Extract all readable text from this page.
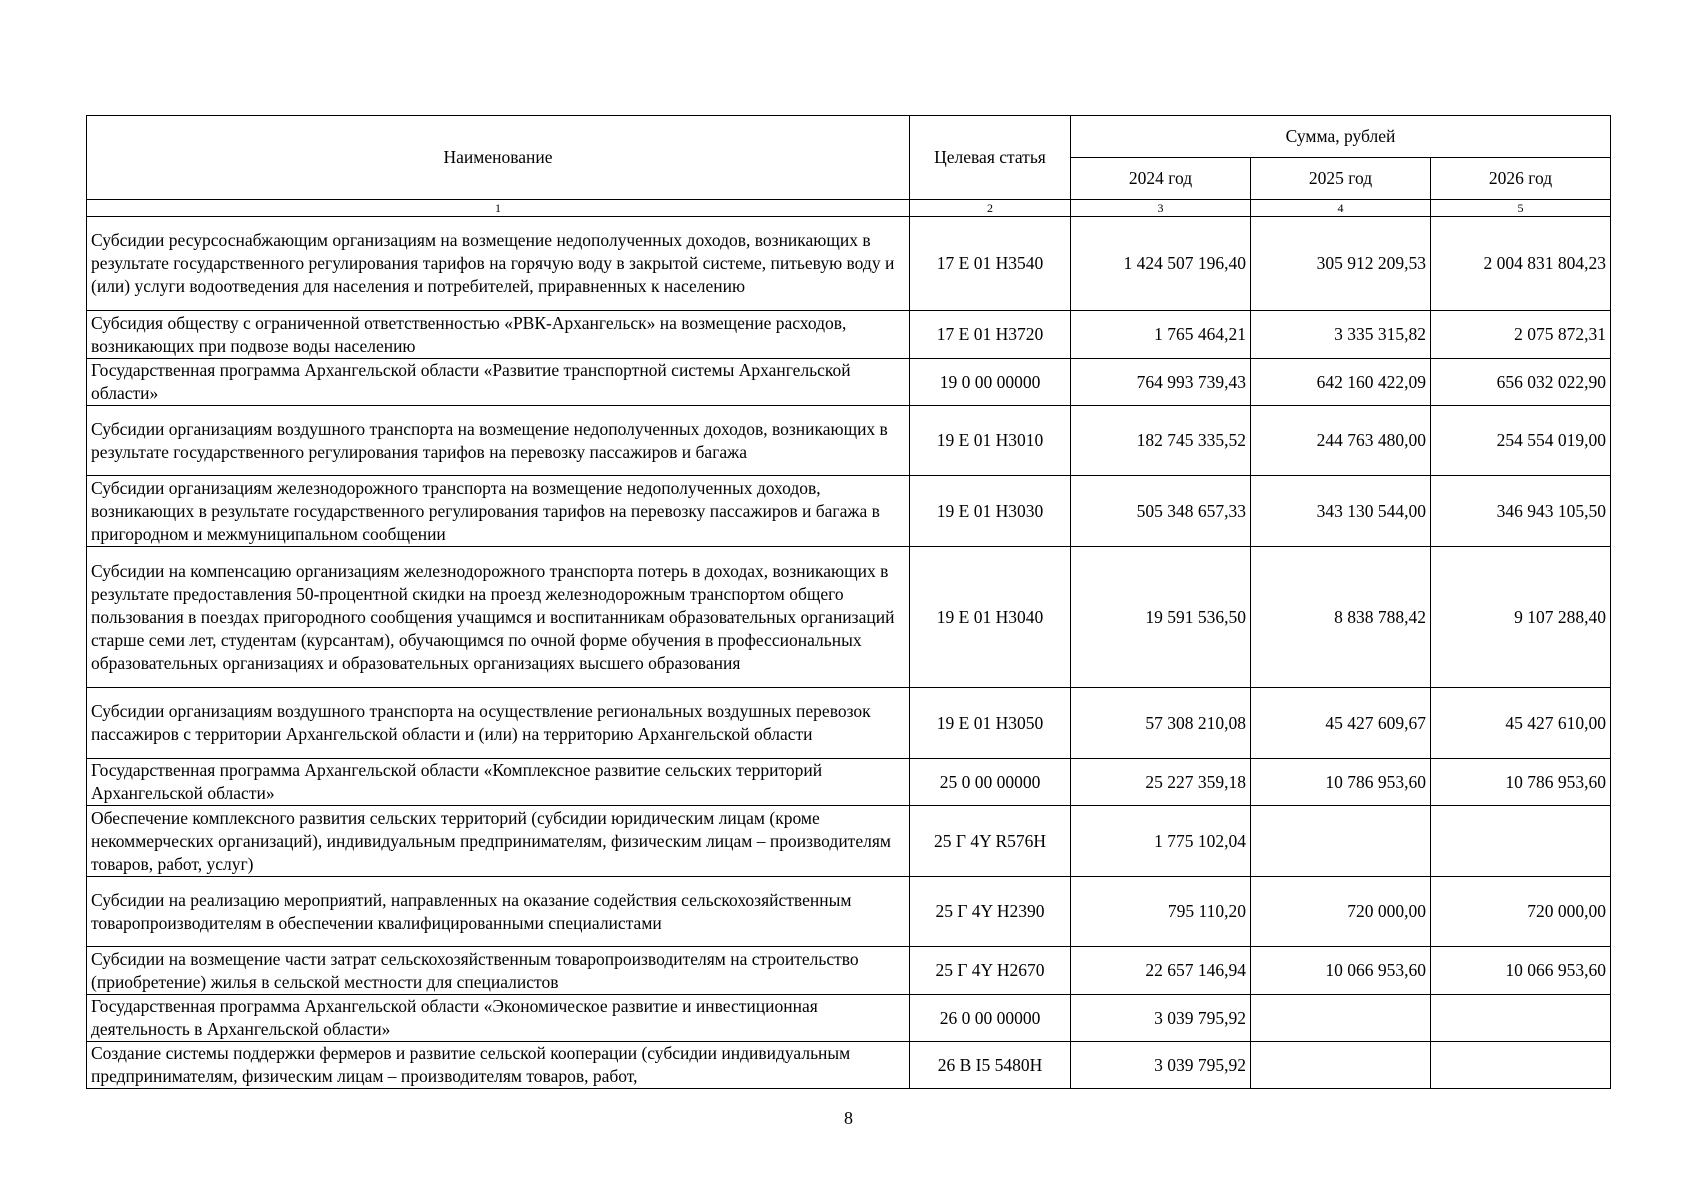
Наименование	Целевая статья	Сумма, рублей		
		2024 год	2025 год	2026 год
1	2	3	4	5
Субсидии ресурсоснабжающим организациям на возмещение недополученных доходов, возникающих в результате государственного регулирования тарифов на горячую воду в закрытой системе, питьевую воду и (или) услуги водоотведения для населения и потребителей, приравненных к населению	17 Е 01 Н3540	1 424 507 196,40	305 912 209,53	2 004 831 804,23
Субсидия обществу с ограниченной ответственностью «РВК-Архангельск» на возмещение расходов, возникающих при подвозе воды населению	17 Е 01 Н3720	1 765 464,21	3 335 315,82	2 075 872,31
Государственная программа Архангельской области «Развитие транспортной системы Архангельской области»	19 0 00 00000	764 993 739,43	642 160 422,09	656 032 022,90
Субсидии организациям воздушного транспорта на возмещение недополученных доходов, возникающих в результате государственного регулирования тарифов на перевозку пассажиров и багажа	19 Е 01 Н3010	182 745 335,52	244 763 480,00	254 554 019,00
Субсидии организациям железнодорожного транспорта на возмещение недополученных доходов, возникающих в результате государственного регулирования тарифов на перевозку пассажиров и багажа в пригородном и межмуниципальном сообщении	19 Е 01 Н3030	505 348 657,33	343 130 544,00	346 943 105,50
Субсидии на компенсацию организациям железнодорожного транспорта потерь в доходах, возникающих в результате предоставления 50-процентной скидки на проезд железнодорожным транспортом общего пользования в поездах пригородного сообщения учащимся и воспитанникам образовательных организаций старше семи лет, студентам (курсантам), обучающимся по очной форме обучения в профессиональных образовательных организациях и образовательных организациях высшего образования	19 Е 01 Н3040	19 591 536,50	8 838 788,42	9 107 288,40
Субсидии организациям воздушного транспорта на осуществление региональных воздушных перевозок пассажиров с территории Архангельской области и (или) на территорию Архангельской области	19 Е 01 Н3050	57 308 210,08	45 427 609,67	45 427 610,00
Государственная программа Архангельской области «Комплексное развитие сельских территорий Архангельской области»	25 0 00 00000	25 227 359,18	10 786 953,60	10 786 953,60
Обеспечение комплексного развития сельских территорий (субсидии юридическим лицам (кроме некоммерческих организаций), индивидуальным предпринимателям, физическим лицам – производителям товаров, работ, услуг)	25 Г 4Y R576Н	1 775 102,04		
Субсидии на реализацию мероприятий, направленных на оказание содействия сельскохозяйственным товаропроизводителям в обеспечении квалифицированными специалистами	25 Г 4Y Н2390	795 110,20	720 000,00	720 000,00
Субсидии на возмещение части затрат сельскохозяйственным товаропроизводителям на строительство (приобретение) жилья в сельской местности для специалистов	25 Г 4Y Н2670	22 657 146,94	10 066 953,60	10 066 953,60
Государственная программа Архангельской области «Экономическое развитие и инвестиционная деятельность в Архангельской области»	26 0 00 00000	3 039 795,92		
Создание системы поддержки фермеров и развитие сельской кооперации (субсидии индивидуальным предпринимателям, физическим лицам – производителям товаров, работ,	26 В I5 5480Н	3 039 795,92		
8
